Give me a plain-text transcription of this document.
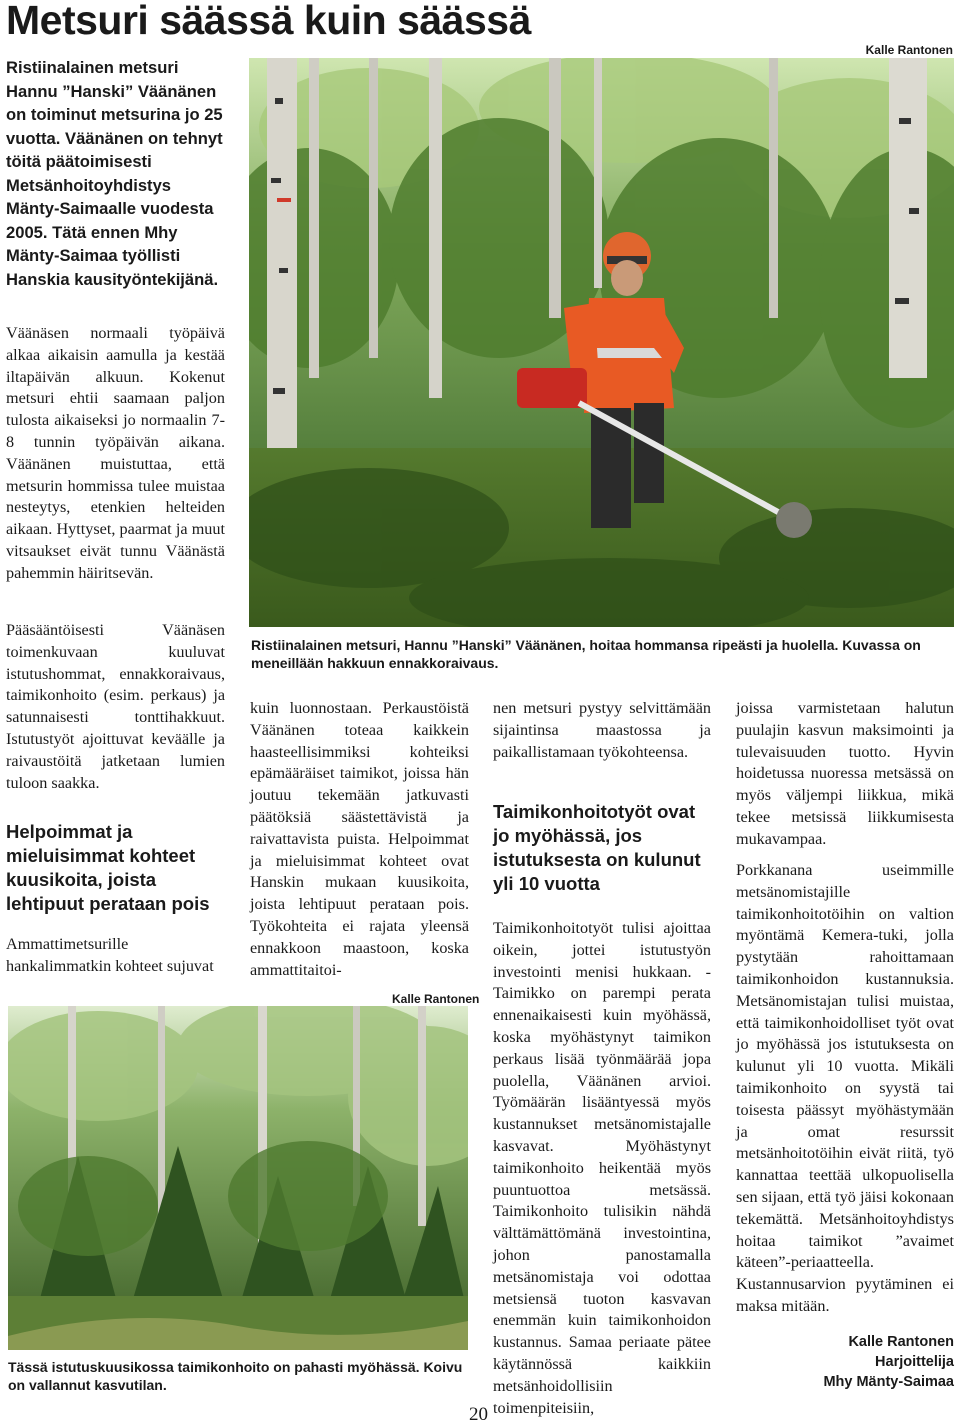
Metsuri säässä kuin säässä
Ristiinalainen metsuri Hannu ”Hanski” Väänänen on toiminut metsurina jo 25 vuotta. Väänänen on tehnyt töitä päätoimisesti Metsänhoitoyhdistys Mänty-Saimaalle vuodesta 2005. Tätä ennen Mhy Mänty-Saimaa työllisti Hanskia kausityöntekijänä.
Väänäsen normaali työpäivä alkaa aikaisin aamulla ja kestää iltapäivän alkuun. Kokenut metsuri ehtii saamaan paljon tulosta aikaiseksi jo normaalin 7-8 tunnin työpäivän aikana. Väänänen muistuttaa, että metsurin hommissa tulee muistaa nesteytys, etenkien helteiden aikaan. Hyttyset, paarmat ja muut vitsaukset eivät tunnu Väänästä pahemmin häiritsevän.
Pääsääntöisesti Väänäsen toimenkuvaan kuuluvat istutushommat, ennakkoraivaus, taimikonhoito (esim. perkaus) ja satunnaisesti tonttihakkuut. Istutustyöt ajoittuvat keväälle ja raivaustöitä jatketaan lumien tuloon saakka.
Helpoimmat ja mieluisimmat kohteet kuusikoita, joista lehtipuut perataan pois
Ammattimetsurille hankalimmatkin kohteet sujuvat
Kalle Rantonen
Ristiinalainen metsuri, Hannu ”Hanski” Väänänen, hoitaa hommansa ripeästi ja huolella. Kuvassa on meneillään hakkuun ennakkoraivaus.
kuin luonnostaan. Perkaustöistä Väänänen toteaa kaikkein haasteellisimmiksi kohteiksi epämääräiset taimikot, joissa hän joutuu tekemään jatkuvasti päätöksiä säästettävistä ja raivattavista puista. Helpoimmat ja mieluisimmat kohteet ovat Hanskin mukaan kuusikoita, joista lehtipuut perataan pois. Työkohteita ei rajata yleensä ennakkoon maastoon, koska ammattitaitoi-
Kalle Rantonen
Tässä istutuskuusikossa taimikonhoito on pahasti myöhässä. Koivu on vallannut kasvutilan.
nen metsuri pystyy selvittämään sijaintinsa maastossa ja paikallistamaan työkohteensa.
Taimikonhoitotyöt ovat jo myöhässä, jos istutuksesta on kulunut yli 10 vuotta
Taimikonhoitotyöt tulisi ajoittaa oikein, jottei istutustyön investointi menisi hukkaan. -Taimikko on parempi perata ennenaikaisesti kuin myöhässä, koska myöhästynyt taimikon perkaus lisää työnmäärää jopa puolella, Väänänen arvioi. Työmäärän lisääntyessä myös kustannukset metsänomistajalle kasvavat. Myöhästynyt taimikonhoito heikentää myös puuntuottoa metsässä. Taimikonhoito tulisikin nähdä välttämättömänä investointina, johon panostamalla metsänomistaja voi odottaa metsiensä tuoton kasvavan enemmän kuin taimikonhoidon kustannus. Samaa periaate pätee käytännössä kaikkiin metsänhoidollisiin toimenpiteisiin,
joissa varmistetaan halutun puulajin kasvun maksimointi ja tulevaisuuden tuotto. Hyvin hoidetussa nuoressa metsässä on myös väljempi liikkua, mikä tekee metsissä liikkumisesta mukavampaa.
Porkkanana useimmille metsänomistajille taimikonhoitotöihin on valtion myöntämä Kemera-tuki, jolla pystytään rahoittamaan taimikonhoidon kustannuksia. Metsänomistajan tulisi muistaa, että taimikonhoidolliset työt ovat jo myöhässä jos istutuksesta on kulunut yli 10 vuotta. Mikäli taimikonhoito on syystä tai toisesta päässyt myöhästymään ja omat resurssit metsänhoitotöihin eivät riitä, työ kannattaa teettää ulkopuolisella sen sijaan, että työ jäisi kokonaan tekemättä. Metsänhoitoyhdistys hoitaa taimikot ”avaimet käteen”-periaatteella. Kustannusarvion pyytäminen ei maksa mitään.
Kalle Rantonen
Harjoittelija
Mhy Mänty-Saimaa
20
